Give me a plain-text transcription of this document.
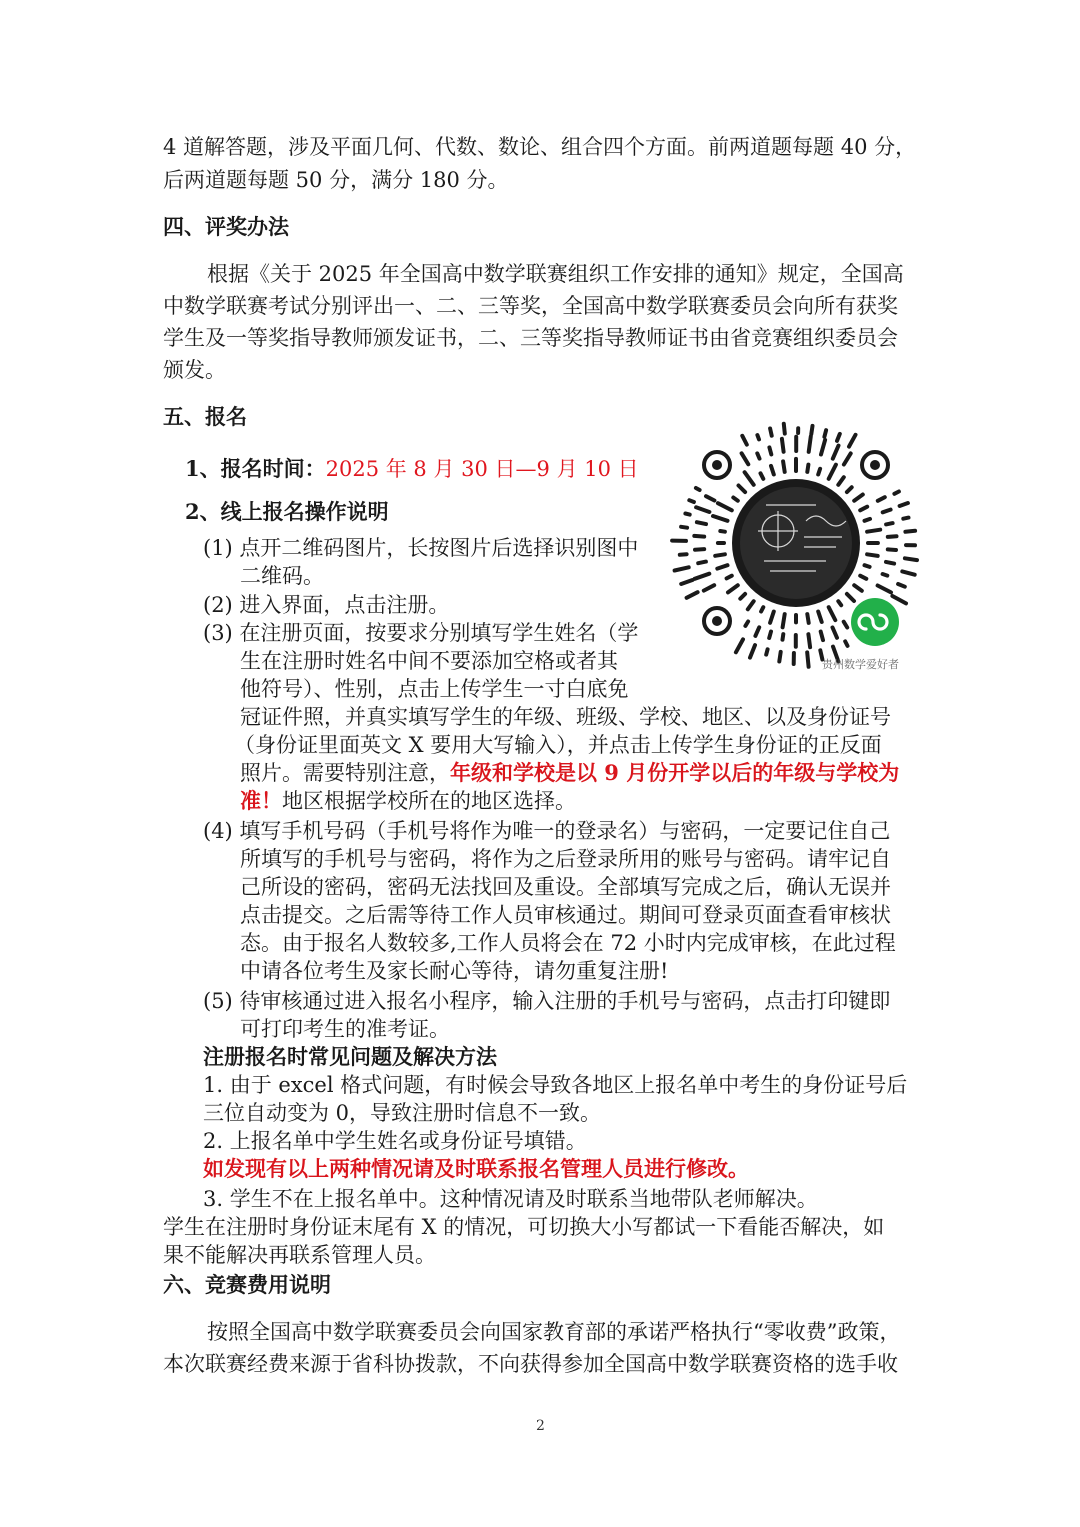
4 道解答题，涉及平面几何、代数、数论、组合四个方面。前两道题每题 40 分，
后两道题每题 50 分，满分 180 分。
四、评奖办法
根据《关于 2025 年全国高中数学联赛组织工作安排的通知》规定，全国高
中数学联赛考试分别评出一、二、三等奖，全国高中数学联赛委员会向所有获奖
学生及一等奖指导教师颁发证书，二、三等奖指导教师证书由省竞赛组织委员会
颁发。
五、报名
1、报名时间：2025 年 8 月 30 日—9 月 10 日
2、线上报名操作说明
(1) 点开二维码图片，长按图片后选择识别图中
二维码。
(2) 进入界面，点击注册。
(3) 在注册页面，按要求分别填写学生姓名（学
生在注册时姓名中间不要添加空格或者其
他符号）、性别，点击上传学生一寸白底免
冠证件照，并真实填写学生的年级、班级、学校、地区、以及身份证号
（身份证里面英文 X 要用大写输入），并点击上传学生身份证的正反面
照片。需要特别注意，年级和学校是以 9 月份开学以后的年级与学校为
准！地区根据学校所在的地区选择。
(4) 填写手机号码（手机号将作为唯一的登录名）与密码，一定要记住自己
所填写的手机号与密码，将作为之后登录所用的账号与密码。请牢记自
己所设的密码，密码无法找回及重设。全部填写完成之后，确认无误并
点击提交。之后需等待工作人员审核通过。期间可登录页面查看审核状
态。由于报名人数较多,工作人员将会在 72 小时内完成审核，在此过程
中请各位考生及家长耐心等待，请勿重复注册!
(5) 待审核通过进入报名小程序，输入注册的手机号与密码，点击打印键即
可打印考生的准考证。
注册报名时常见问题及解决方法
1. 由于 excel 格式问题，有时候会导致各地区上报名单中考生的身份证号后
三位自动变为 0，导致注册时信息不一致。
2. 上报名单中学生姓名或身份证号填错。
如发现有以上两种情况请及时联系报名管理人员进行修改。
3. 学生不在上报名单中。这种情况请及时联系当地带队老师解决。
学生在注册时身份证末尾有 X 的情况，可切换大小写都试一下看能否解决，如
果不能解决再联系管理人员。
六、竞赛费用说明
按照全国高中数学联赛委员会向国家教育部的承诺严格执行“零收费”政策，
本次联赛经费来源于省科协拨款，不向获得参加全国高中数学联赛资格的选手收
贵州数学爱好者
2
